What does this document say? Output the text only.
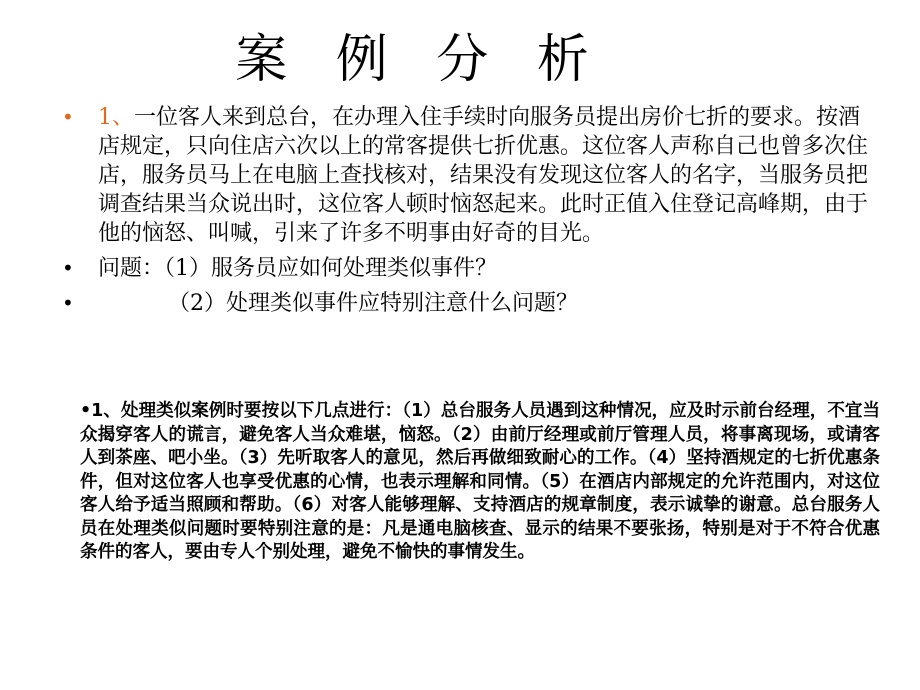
案 例 分 析
• 1、一位客人来到总台，在办理入住手续时向服务员提出房价七折的要求。按酒店规定，只向住店六次以上的常客提供七折优惠。这位客人声称自己也曾多次住店，服务员马上在电脑上查找核对，结果没有发现这位客人的名字，当服务员把调查结果当众说出时，这位客人顿时恼怒起来。此时正值入住登记高峰期，由于他的恼怒、叫喊，引来了许多不明事由好奇的目光。
• 问题：（1）服务员应如何处理类似事件？
•	（2）处理类似事件应特别注意什么问题？
•1、处理类似案例时要按以下几点进行：（1）总台服务人员遇到这种情况，应及时示前台经理，不宜当众揭穿客人的谎言，避免客人当众难堪，恼怒。（2）由前厅经理或前厅管理人员，将事离现场，或请客人到茶座、吧小坐。（3）先听取客人的意见，然后再做细致耐心的工作。（4）坚持酒规定的七折优惠条件，但对这位客人也享受优惠的心情，也表示理解和同情。（5）在酒店内部规定的允许范围内，对这位客人给予适当照顾和帮助。（6）对客人能够理解、支持酒店的规章制度，表示诚挚的谢意。总台服务人员在处理类似问题时要特别注意的是：凡是通电脑核查、显示的结果不要张扬，特别是对于不符合优惠条件的客人，要由专人个别处理，避免不愉快的事情发生。
